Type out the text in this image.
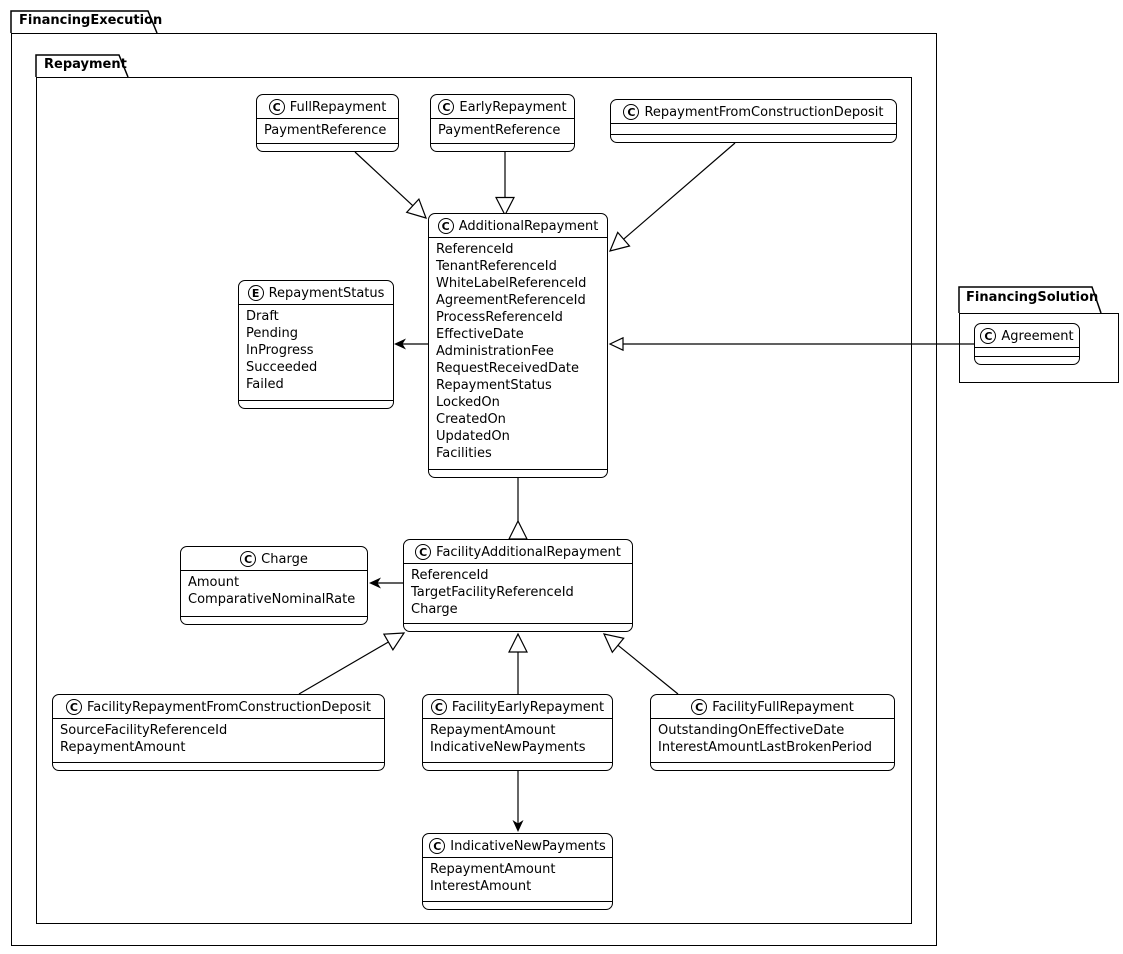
FinancingExecution
Repayment
FinancingSolution
C FullRepayment
PaymentReference
C EarlyRepayment
PaymentReference
C RepaymentFromConstructionDeposit
C AdditionalRepayment
ReferenceId
TenantReferenceId
WhiteLabelReferenceId
AgreementReferenceId
ProcessReferenceId
EffectiveDate
AdministrationFee
RequestReceivedDate
RepaymentStatus
LockedOn
CreatedOn
UpdatedOn
Facilities
E RepaymentStatus
Draft
Pending
InProgress
Succeeded
Failed
C Agreement
C Charge
Amount
ComparativeNominalRate
C FacilityAdditionalRepayment
ReferenceId
TargetFacilityReferenceId
Charge
C FacilityRepaymentFromConstructionDeposit
SourceFacilityReferenceId
RepaymentAmount
C FacilityEarlyRepayment
RepaymentAmount
IndicativeNewPayments
C FacilityFullRepayment
OutstandingOnEffectiveDate
InterestAmountLastBrokenPeriod
C IndicativeNewPayments
RepaymentAmount
InterestAmount
